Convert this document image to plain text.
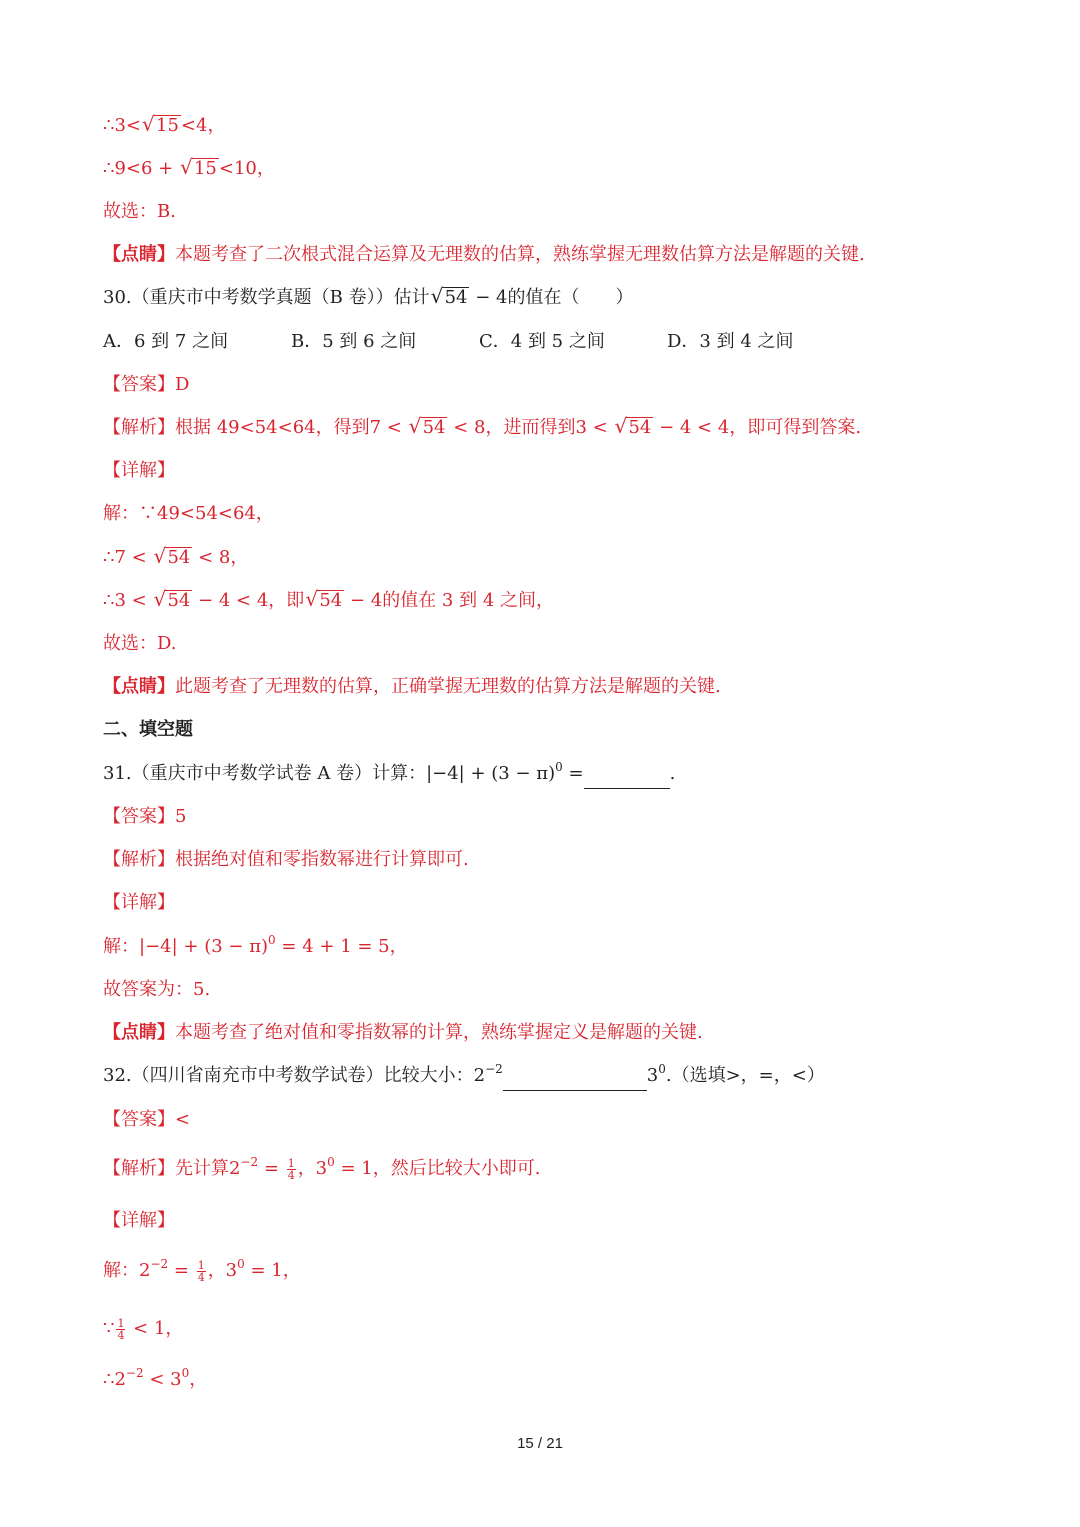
∴3< √ 15 <4，
∴9<6 + √ 15 <10，
故选：B.
【点睛】本题考查了二次根式混合运算及无理数的估算，熟练掌握无理数估算方法是解题的关键.
30.（重庆市中考数学真题（B 卷））估计 √ 54 − 4的值在（　　）
A．6 到 7 之间	B．5 到 6 之间	C．4 到 5 之间	D．3 到 4 之间
【答案】D
【解析】根据 49<54<64，得到7 < √ 54 < 8，进而得到3 < √ 54 − 4 < 4，即可得到答案.
【详解】
解：∵49<54<64，
∴7 < √ 54 < 8，
∴3 < √ 54 − 4 < 4，即 √ 54 − 4的值在 3 到 4 之间，
故选：D.
【点睛】此题考查了无理数的估算，正确掌握无理数的估算方法是解题的关键.
二、填空题
31.（重庆市中考数学试卷 A 卷）计算：$|-4| + (3 - \pi)^0$ =	.
【答案】5
【解析】根据绝对值和零指数幂进行计算即可.
【详解】
解：$|-4| + (3 - \pi)^0 = 4 + 1 = 5$，
故答案为：5.
【点睛】本题考查了绝对值和零指数幂的计算，熟练掌握定义是解题的关键.
32.（四川省南充市中考数学试卷）比较大小：$2^{-2}$	$3^0$.（选填>，=，<）
【答案】<
【解析】先计算$2^{-2} = \frac{1}{4}$ ，$3^0 = 1$，然后比较大小即可.
【详解】
解：$2^{-2} = \frac{1}{4}$ ，$3^0 = 1$，
∵ $\frac{1}{4} < 1$，
$\therefore 2^{-2} < 3^0$，
15 / 21
